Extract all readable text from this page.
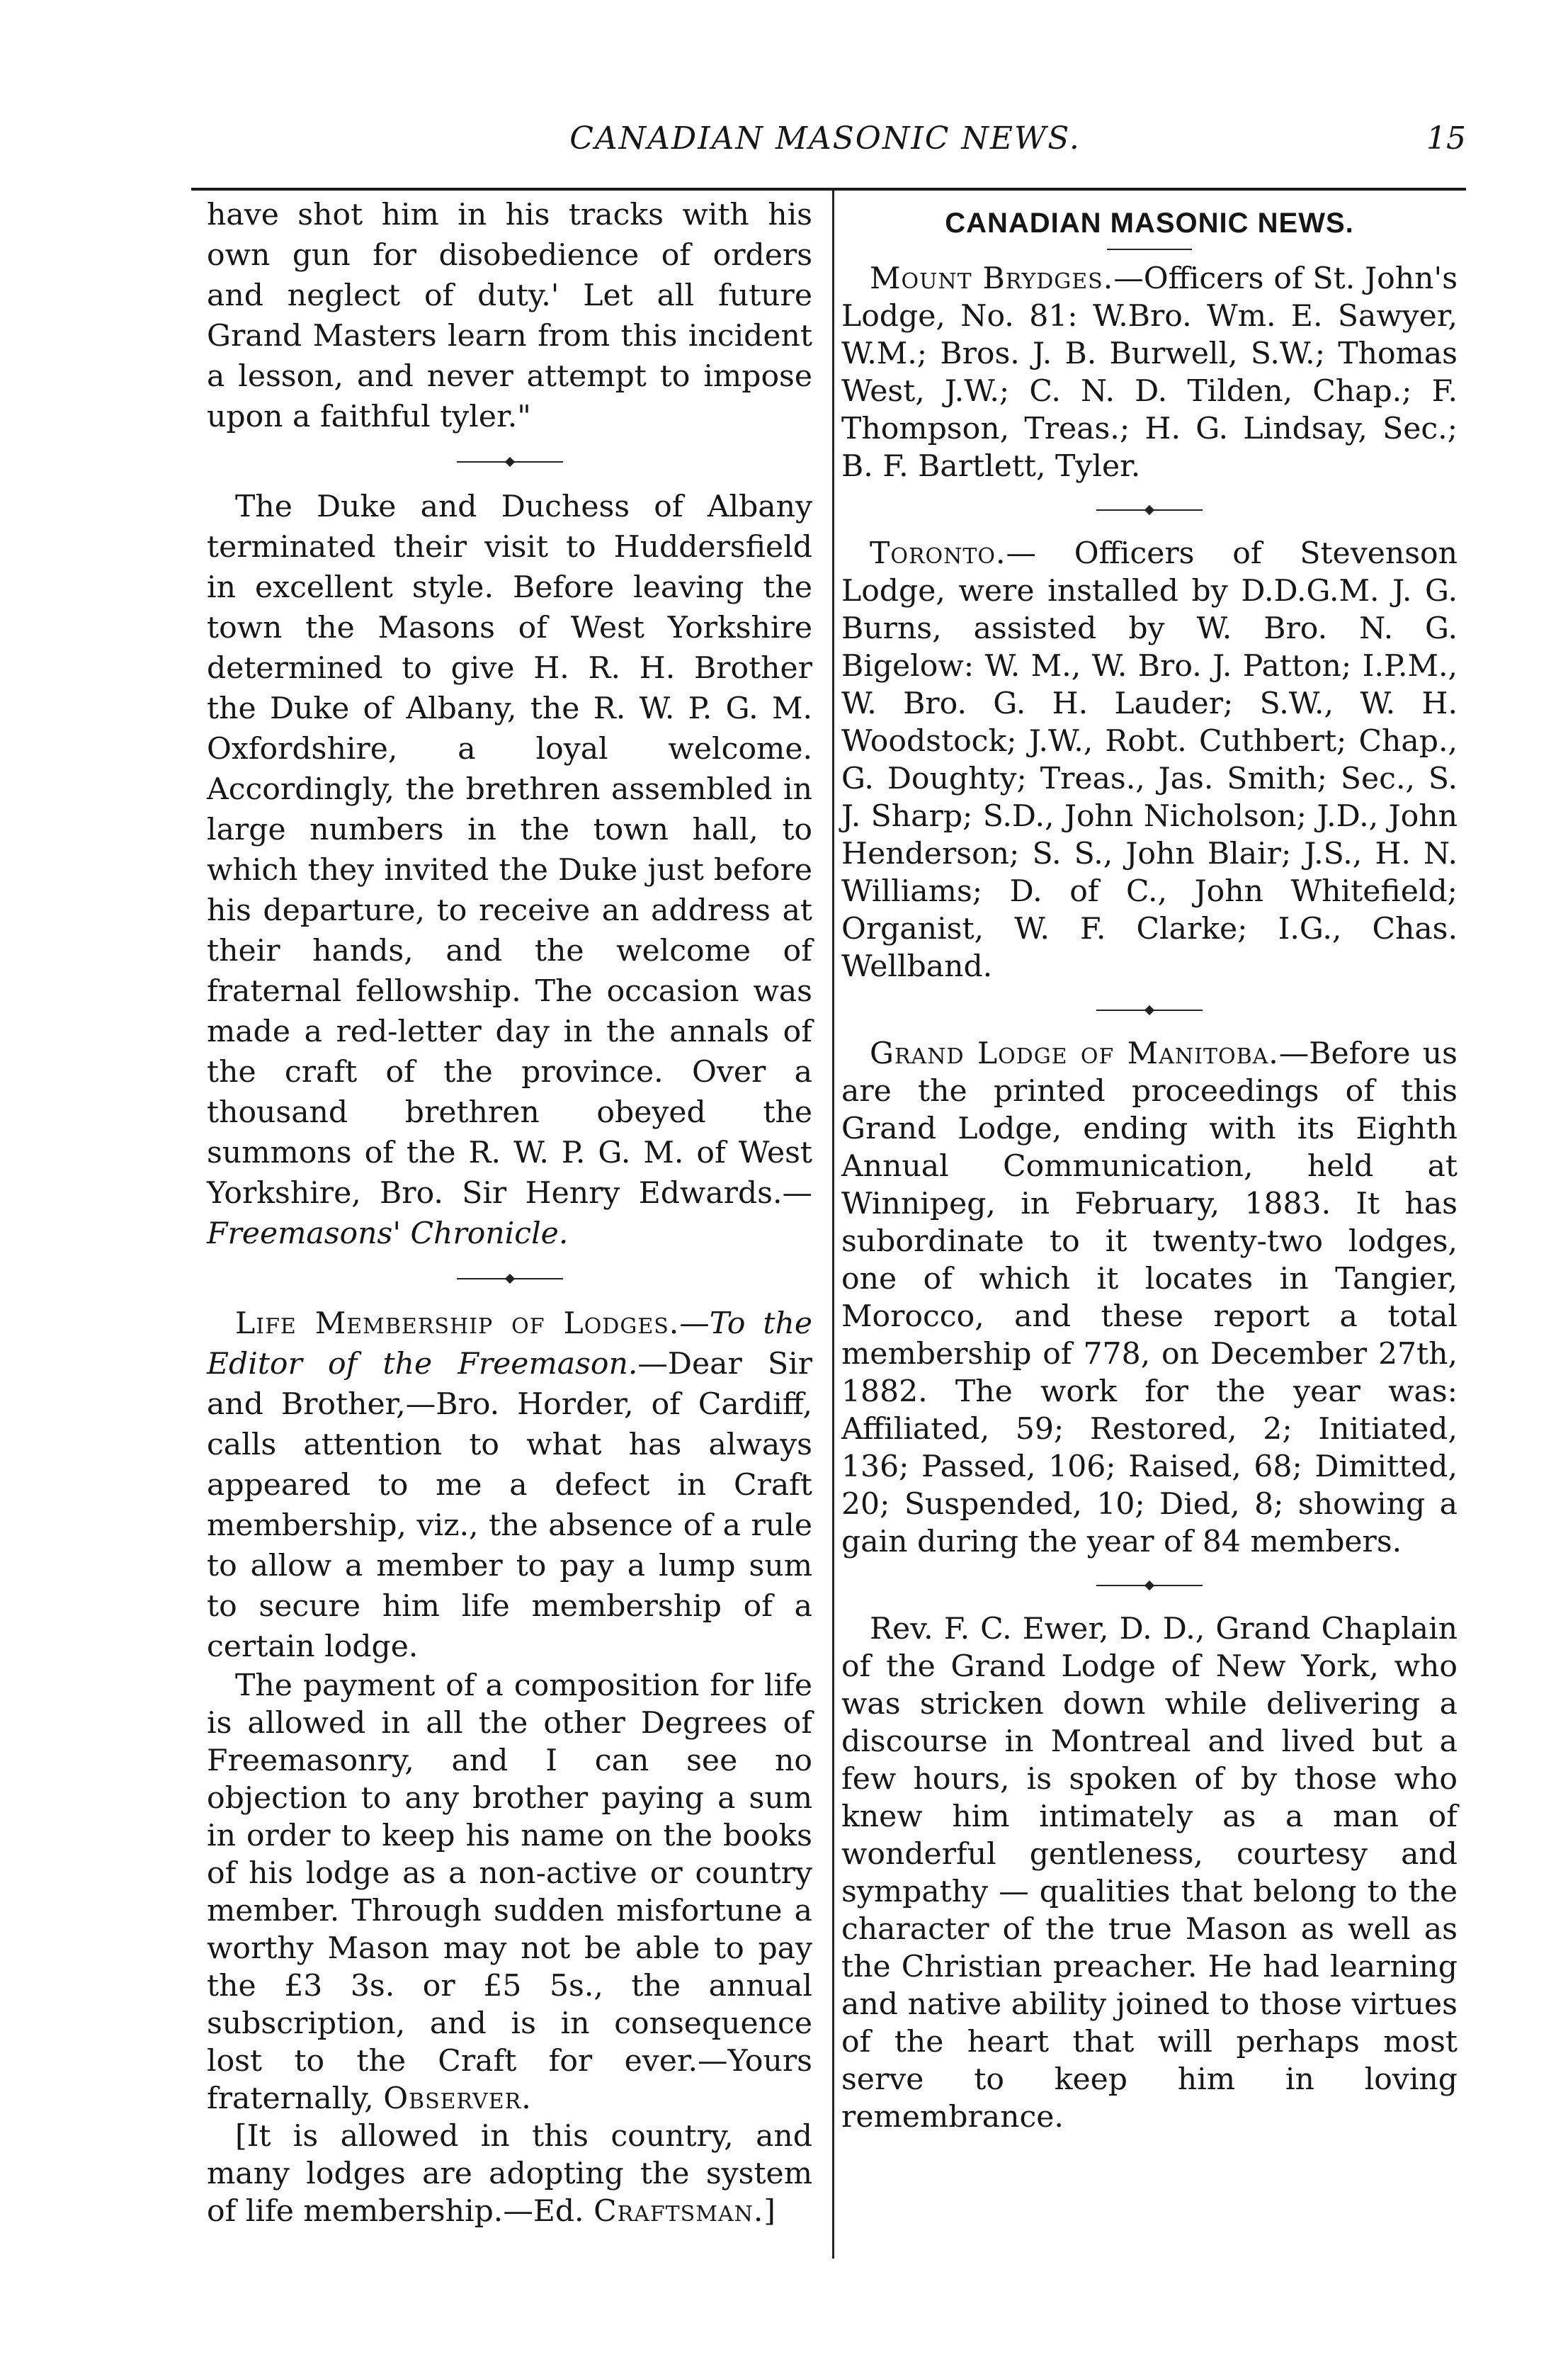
CANADIAN MASONIC NEWS.	15

have shot him in his tracks with his own gun for disobedience of orders and neglect of duty.' Let all future Grand Masters learn from this incident a lesson, and never attempt to impose upon a faithful tyler."

The Duke and Duchess of Albany terminated their visit to Huddersfield in excellent style. Before leaving the town the Masons of West Yorkshire determined to give H. R. H. Brother the Duke of Albany, the R. W. P. G. M. Oxfordshire, a loyal welcome. Accordingly, the brethren assembled in large numbers in the town hall, to which they invited the Duke just before his departure, to receive an address at their hands, and the welcome of fraternal fellowship. The occasion was made a red-letter day in the annals of the craft of the province. Over a thousand brethren obeyed the summons of the R. W. P. G. M. of West Yorkshire, Bro. Sir Henry Edwards.—Freemasons' Chronicle.

Life Membership of Lodges.—To the Editor of the Freemason.—Dear Sir and Brother,—Bro. Horder, of Cardiff, calls attention to what has always appeared to me a defect in Craft membership, viz., the absence of a rule to allow a member to pay a lump sum to secure him life membership of a certain lodge.

The payment of a composition for life is allowed in all the other Degrees of Freemasonry, and I can see no objection to any brother paying a sum in order to keep his name on the books of his lodge as a non-active or country member. Through sudden misfortune a worthy Mason may not be able to pay the £3 3s. or £5 5s., the annual subscription, and is in consequence lost to the Craft for ever.—Yours fraternally, Observer.

[It is allowed in this country, and many lodges are adopting the system of life membership.—Ed. Craftsman.]

CANADIAN MASONIC NEWS.

Mount Brydges.—Officers of St. John's Lodge, No. 81: W.Bro. Wm. E. Sawyer, W.M.; Bros. J. B. Burwell, S.W.; Thomas West, J.W.; C. N. D. Tilden, Chap.; F. Thompson, Treas.; H. G. Lindsay, Sec.; B. F. Bartlett, Tyler.

Toronto.— Officers of Stevenson Lodge, were installed by D.D.G.M. J. G. Burns, assisted by W. Bro. N. G. Bigelow: W. M., W. Bro. J. Patton; I.P.M., W. Bro. G. H. Lauder; S.W., W. H. Woodstock; J.W., Robt. Cuthbert; Chap., G. Doughty; Treas., Jas. Smith; Sec., S. J. Sharp; S.D., John Nicholson; J.D., John Henderson; S. S., John Blair; J.S., H. N. Williams; D. of C., John Whitefield; Organist, W. F. Clarke; I.G., Chas. Wellband.

Grand Lodge of Manitoba.—Before us are the printed proceedings of this Grand Lodge, ending with its Eighth Annual Communication, held at Winnipeg, in February, 1883. It has subordinate to it twenty-two lodges, one of which it locates in Tangier, Morocco, and these report a total membership of 778, on December 27th, 1882. The work for the year was: Affiliated, 59; Restored, 2; Initiated, 136; Passed, 106; Raised, 68; Dimitted, 20; Suspended, 10; Died, 8; showing a gain during the year of 84 members.

Rev. F. C. Ewer, D. D., Grand Chaplain of the Grand Lodge of New York, who was stricken down while delivering a discourse in Montreal and lived but a few hours, is spoken of by those who knew him intimately as a man of wonderful gentleness, courtesy and sympathy — qualities that belong to the character of the true Mason as well as the Christian preacher. He had learning and native ability joined to those virtues of the heart that will perhaps most serve to keep him in loving remembrance.
